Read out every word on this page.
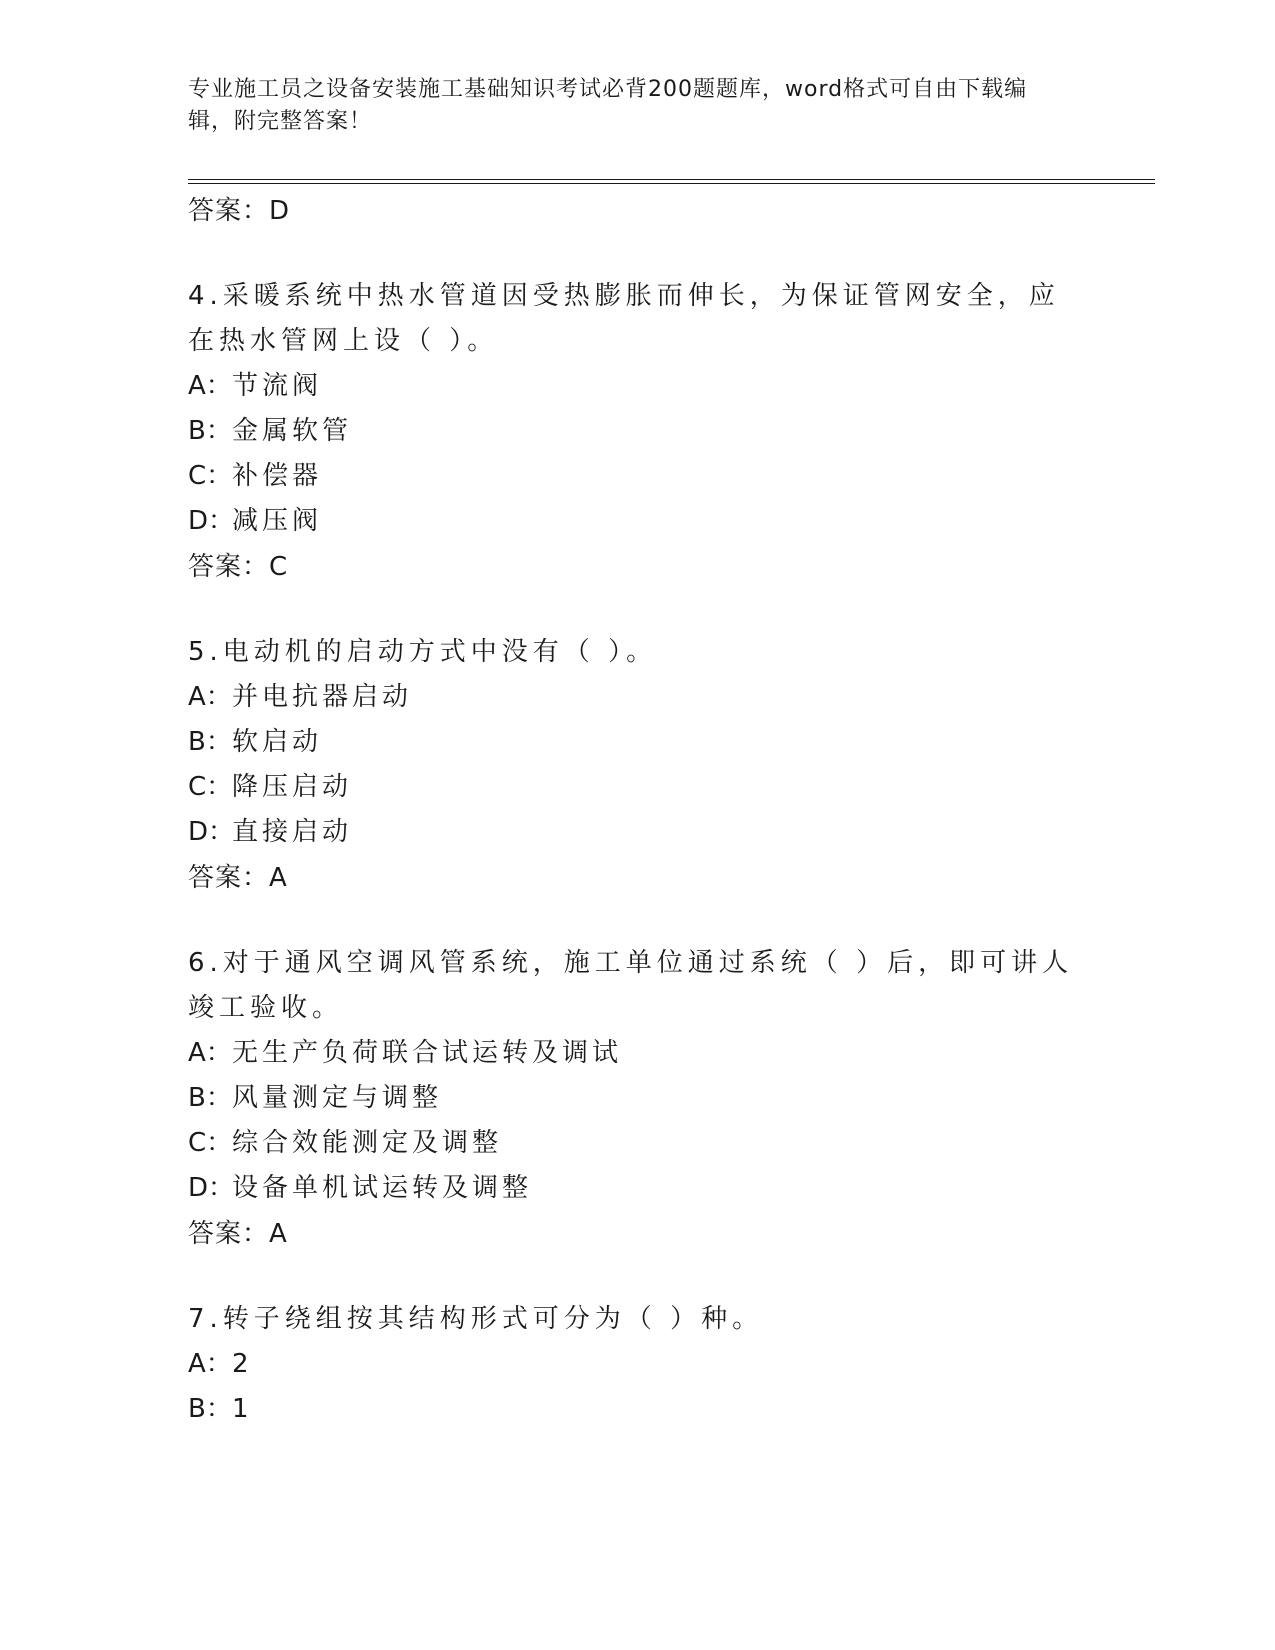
专业施工员之设备安装施工基础知识考试必背200题题库，word格式可自由下载编辑，附完整答案！
答案：D
4.采暖系统中热水管道因受热膨胀而伸长，为保证管网安全，应在热水管网上设（ ）。
A：节流阀
B：金属软管
C：补偿器
D：减压阀
答案：C
5.电动机的启动方式中没有（ ）。
A：并电抗器启动
B：软启动
C：降压启动
D：直接启动
答案：A
6.对于通风空调风管系统，施工单位通过系统（ ）后，即可讲人竣工验收。
A：无生产负荷联合试运转及调试
B：风量测定与调整
C：综合效能测定及调整
D：设备单机试运转及调整
答案：A
7.转子绕组按其结构形式可分为（ ）种。
A：2
B：1
